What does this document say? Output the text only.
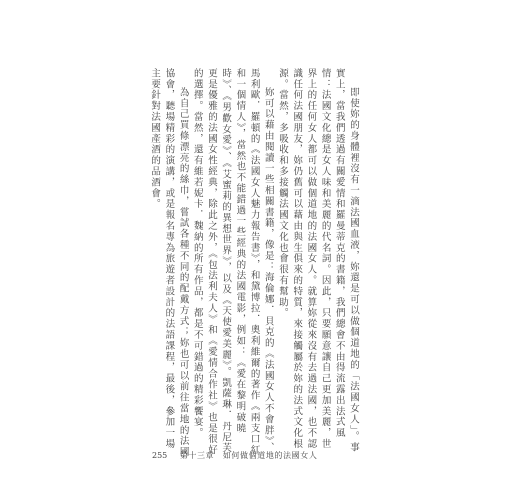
即使妳的身體裡沒有一滴法國血液，妳還是可以做個道地的「法國女人」。事實上，當我們透過有關愛情和羅曼蒂克的書籍，我們總會不由得流露出法式風情：法國文化總是女人味和美麗的代名詞。因此，只要願意讓自己更加美麗，世界上的任何女人都可以做個道地的法國女人。就算妳從來沒有去過法國，也不認識任何法國朋友，妳仍舊可以藉由與生俱來的特質，來接觸屬於妳的法式文化根源。當然，多吸收和多接觸法國文化也會很有幫助。

妳可以藉由閱讀一些相關書籍，像是：海倫娜．貝克的《法國女人不會胖》、馬利歐．羅頓的《法國女人魅力報告書》，和黛博拉．奧利維爾的著作《兩支口紅和一個情人》，當然也不能錯過一些經典的法國電影，例如：《愛在黎明破曉時》、《男歡女愛》、《艾蜜莉的異想世界》，以及《天使愛美麗》。凱薩琳．丹尼芙更是優雅的法國女性經典，除此之外，《包法利夫人》和《愛情合作社》也是很好的選擇。當然，還有維若妮卡．魏納的所有作品，都是不可錯過的精彩饗宴。

為自己買條漂亮的絲巾，嘗試各種不同的配戴方式；妳也可以前往當地的法國協會，聽場精彩的演講，或是報名專為旅遊者設計的法語課程，最後，參加一場主要針對法國產酒的品酒會。

255 第十三章　如何做個道地的法國女人
